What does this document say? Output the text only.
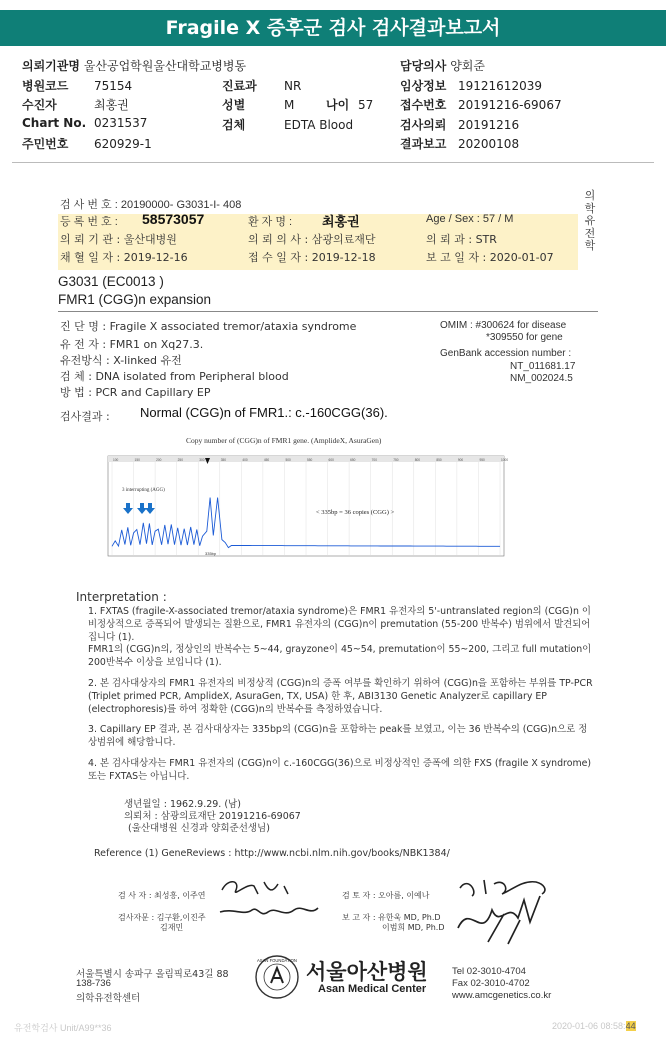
Fragile X 증후군 검사 검사결과보고서
의뢰기관명 울산공업학원울산대학교병병동	담당의사 양회준
병원코드 75154	진료과 NR	임상정보 19121612039
수진자	최홍권	성별	M	나이 57 접수번호 20191216-69067
Chart No. 0231537	검체	EDTA Blood	검사의뢰 20191216
주민번호 620929-1	결과보고 20200108
검 사 번 호 : 20190000- G3031-I- 408
등 록 번 호 : 58573057	환 자 명 : 최홍권	Age / Sex : 57 / M
의 뢰 기 관 : 울산대병원	의 뢰 의 사 : 삼광의료재단	의 뢰 과 : STR
채 혈 일 자 : 2019-12-16	접 수 일 자 : 2019-12-18	보 고 일 자 : 2020-01-07
의학유전학
G3031 (EC0013 )
FMR1 (CGG)n expansion
진 단 명 : Fragile X associated tremor/ataxia syndrome
유 전 자 : FMR1 on Xq27.3.
유전방식 : X-linked 유전
검 체 : DNA isolated from Peripheral blood
방 법 : PCR and Capillary EP
OMIM : #300624 for disease
*309550 for gene
GenBank accession number :
NT_011681.17
NM_002024.5
검사결과 : Normal (CGG)n of FMR1.: c.-160CGG(36).
Copy number of (CGG)n of FMR1 gene. (AmplideX, AsuraGen)
100	150	200	250	300	350	400	450	500	550	600	650	700	750	800	850	900	950	1000
3 interrupting (AGG)
< 335bp = 36 copies (CGG) >
335bp
Interpretation :
1. FXTAS (fragile-X-associated tremor/ataxia syndrome)은 FMR1 유전자의 5'-untranslated region의 (CGG)n 이 비정상적으로 증폭되어 발생되는 질환으로, FMR1 유전자의 (CGG)n이 premutation (55-200 반복수) 범위에서 발견되어집니다 (1).
FMR1의 (CGG)n의, 정상인의 반복수는 5~44, grayzone이 45~54, premutation이 55~200, 그리고 full mutation이 200반복수 이상을 보입니다 (1).
2. 본 검사대상자의 FMR1 유전자의 비정상적 (CGG)n의 증폭 여부를 확인하기 위하여 (CGG)n을 포함하는 부위를 TP-PCR (Triplet primed PCR, AmplideX, AsuraGen, TX, USA) 한 후, ABI3130 Genetic Analyzer로 capillary EP (electrophoresis)를 하여 정확한 (CGG)n의 반복수를 측정하였습니다.
3. Capillary EP 결과, 본 검사대상자는 335bp의 (CGG)n을 포함하는 peak를 보였고, 이는 36 반복수의 (CGG)n으로 정상범위에 해당합니다.
4. 본 검사대상자는 FMR1 유전자의 (CGG)n이 c.-160CGG(36)으로 비정상적인 증폭에 의한 FXS (fragile X syndrome) 또는 FXTAS는 아닙니다.
생년월일 : 1962.9.29. (남)
의뢰처 : 삼광의료재단 20191216-69067
(울산대병원 신경과 양회준선생님)
Reference (1) GeneReviews : http://www.ncbi.nlm.nih.gov/books/NBK1384/
검 사 자 : 최성흥, 이주연	검 토 자 : 오아름, 이예나
검사자문 : 김구환,이진주
김재민
보 고 자 : 유한욱 MD, Ph.D
이범희 MD, Ph.D
서울특별시 송파구 올림픽로43길 88
138-736
의학유전학센터
ASAN FOUNDATION 서울아산병원
Asan Medical Center
Tel 02-3010-4704
Fax 02-3010-4702
www.amcgenetics.co.kr
유전학검사 Unit/A99**36	2020-01-06 08:58:44
